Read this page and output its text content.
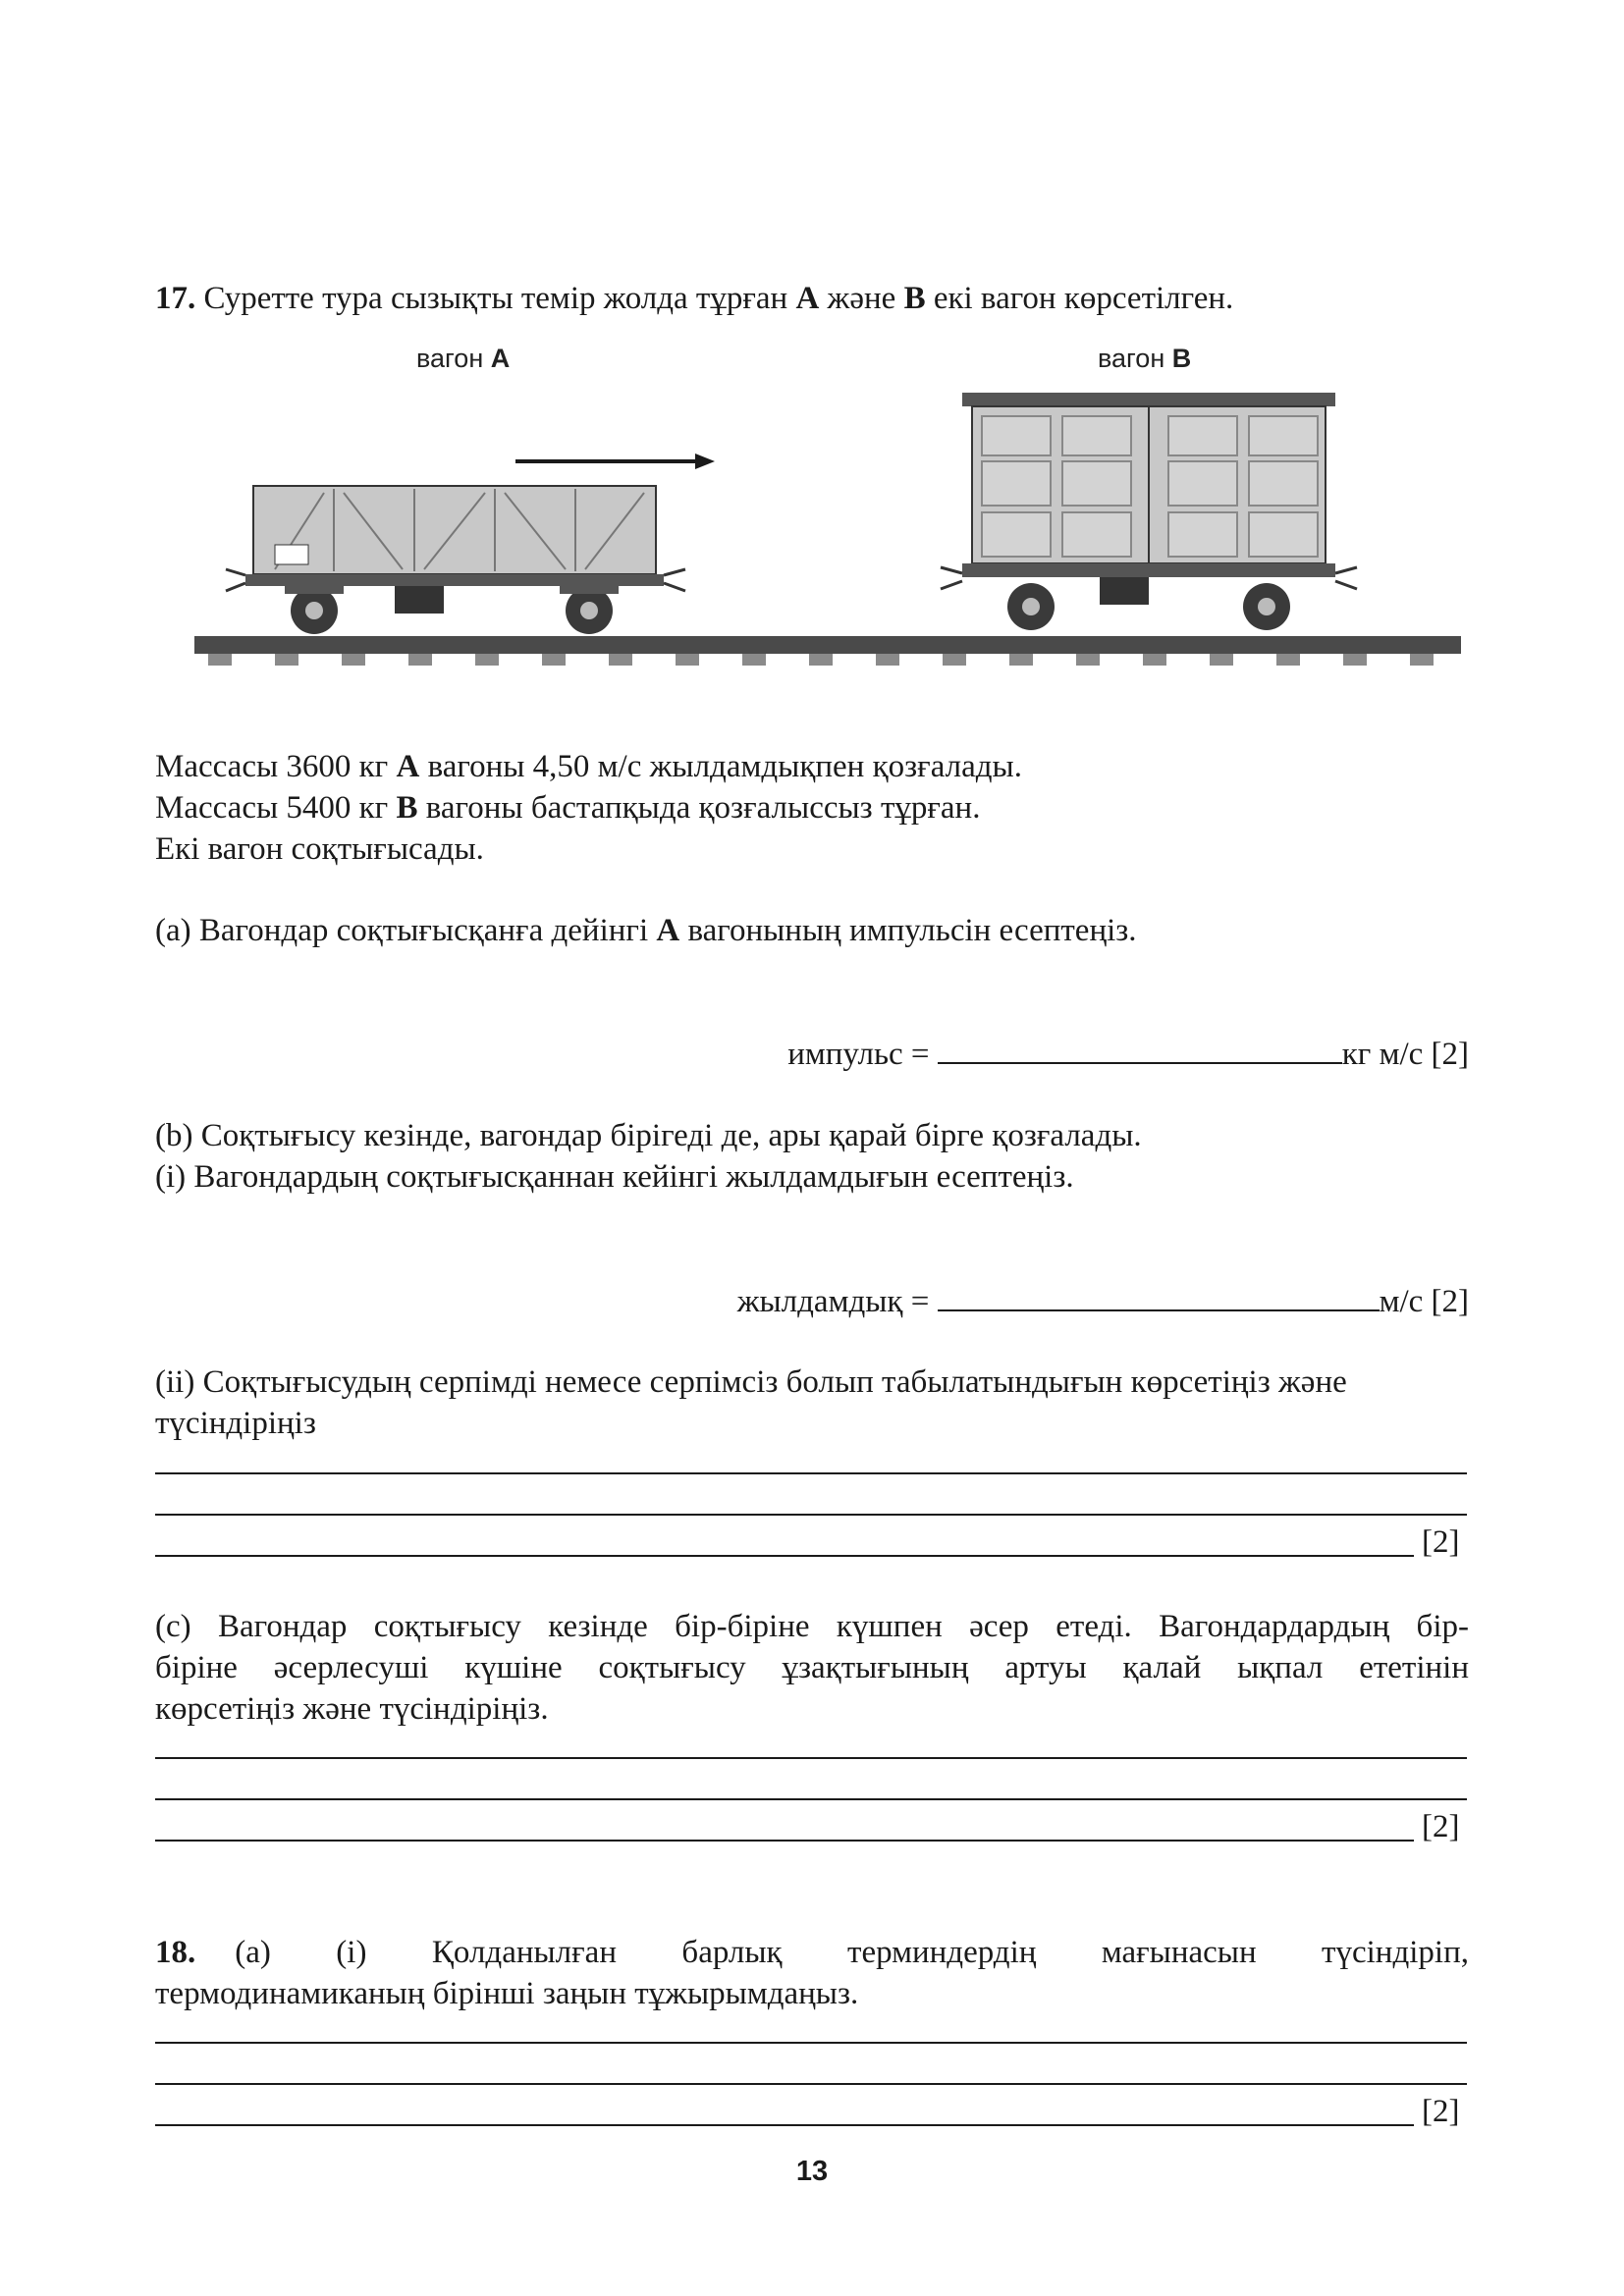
17. Суретте тура сызықты темір жолда тұрған A және B екі вагон көрсетілген.
вагон A	вагон B
Массасы 3600 кг A вагоны 4,50 м/с жылдамдықпен қозғалады.
Массасы 5400 кг B вагоны бастапқыда қозғалыссыз тұрған.
Екі вагон соқтығысады.
(a) Вагондар соқтығысқанға дейінгі A вагонының импульсін есептеңіз.
импульс =	кг м/с [2]
(b) Соқтығысу кезінде, вагондар бірігеді де, ары қарай бірге қозғалады.
(i) Вагондардың соқтығысқаннан кейінгі жылдамдығын есептеңіз.
жылдамдық =	м/с [2]
(ii) Соқтығысудың серпімді немесе серпімсіз болып табылатындығын көрсетіңіз және
түсіндіріңіз
[2]
(c) Вагондар соқтығысу кезінде бір-біріне күшпен әсер етеді. Вагондардардың бір-
біріне әсерлесуші күшіне соқтығысу ұзақтығының артуы қалай ықпал ететінін
көрсетіңіз және түсіндіріңіз.
[2]
18. (a) (i) Қолданылған барлық терминдердің мағынасын түсіндіріп,
термодинамиканың бірінші заңын тұжырымдаңыз.
[2]
13
